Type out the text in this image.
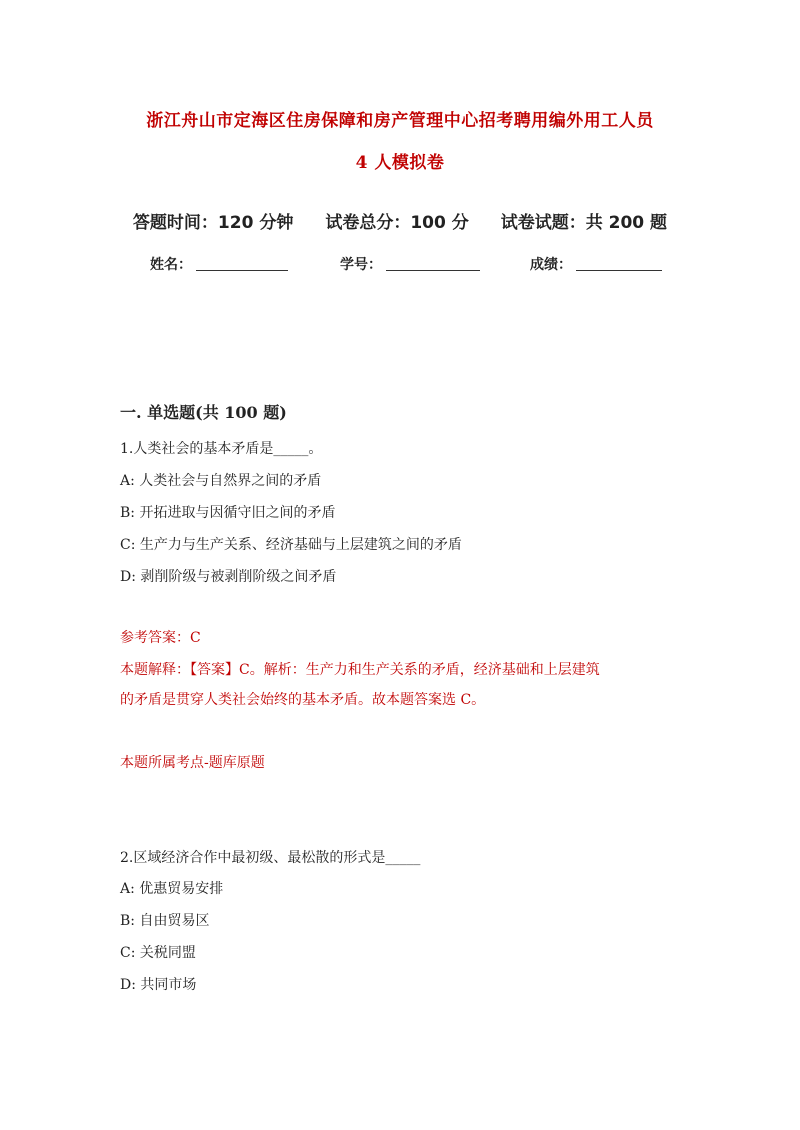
浙江舟山市定海区住房保障和房产管理中心招考聘用编外用工人员
4 人模拟卷
答题时间：120 分钟 试卷总分：100 分 试卷试题：共 200 题
姓名：	学号：	成绩：
一. 单选题(共 100 题)
1.人类社会的基本矛盾是_____。
A: 人类社会与自然界之间的矛盾
B: 开拓进取与因循守旧之间的矛盾
C: 生产力与生产关系、经济基础与上层建筑之间的矛盾
D: 剥削阶级与被剥削阶级之间矛盾
参考答案：C
本题解释：【答案】C。解析：生产力和生产关系的矛盾，经济基础和上层建筑
的矛盾是贯穿人类社会始终的基本矛盾。故本题答案选 C。
本题所属考点-题库原题
2.区域经济合作中最初级、最松散的形式是_____
A: 优惠贸易安排
B: 自由贸易区
C: 关税同盟
D: 共同市场
